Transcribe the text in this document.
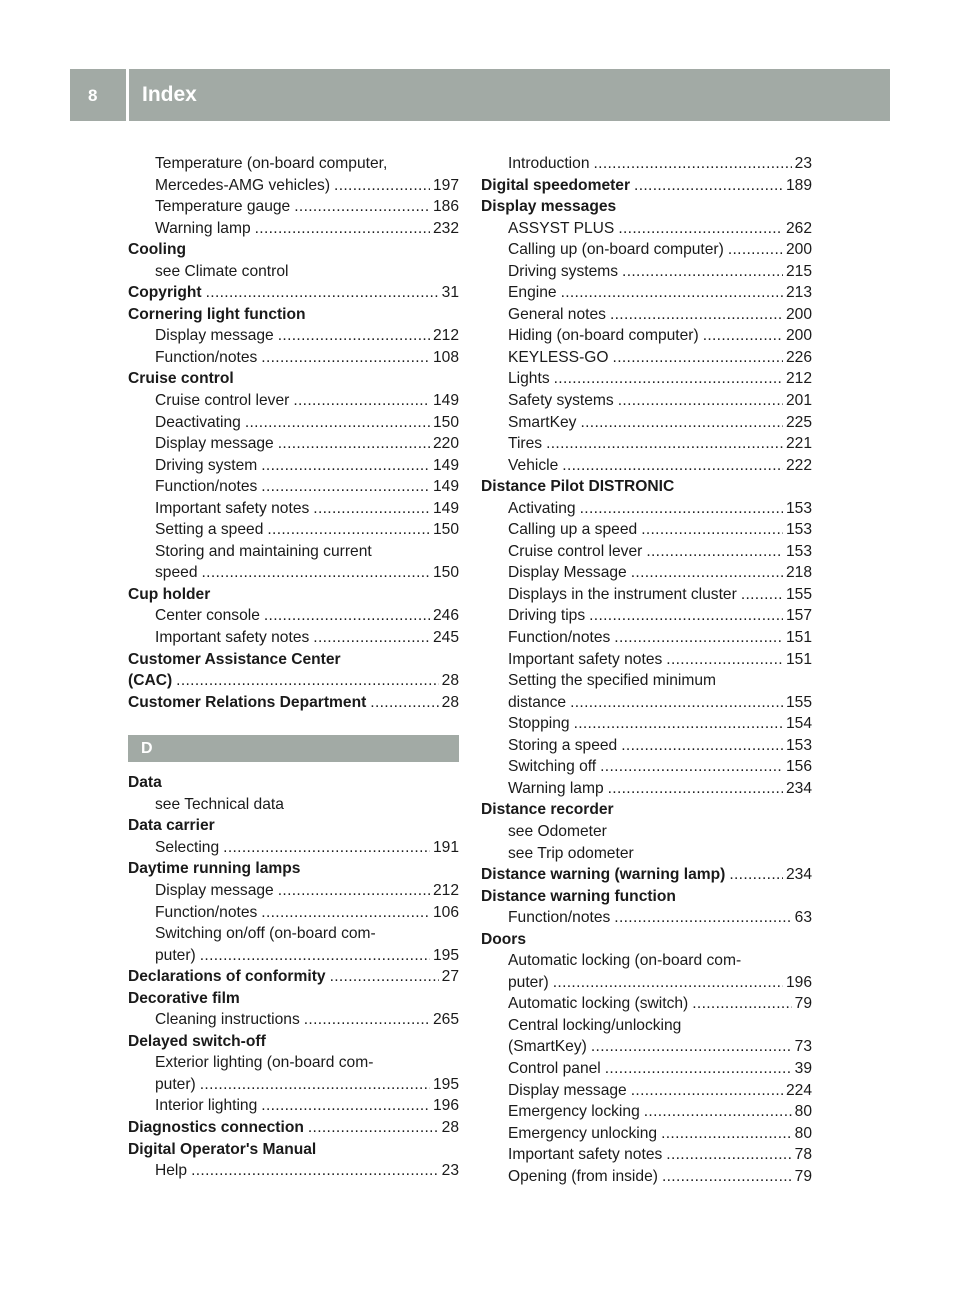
8 Index
Temperature (on-board computer,
Mercedes-AMG vehicles) . . .	197
Temperature gauge . . .	186
Warning lamp . . .	232
Cooling
see Climate control
Copyright . . .	31
Cornering light function
Display message . . .	212
Function/notes . . .	108
Cruise control
Cruise control lever . . .	149
Deactivating . . .	150
Display message . . .	220
Driving system . . .	149
Function/notes . . .	149
Important safety notes . . .	149
Setting a speed . . .	150
Storing and maintaining current
speed . . .	150
Cup holder
Center console . . .	246
Important safety notes . . .	245
Customer Assistance Center
(CAC) . . .	28
Customer Relations Department . . .	28
D
Data
see Technical data
Data carrier
Selecting . . .	191
Daytime running lamps
Display message . . .	212
Function/notes . . .	106
Switching on/off (on-board com-
puter) . . .	195
Declarations of conformity . . .	27
Decorative film
Cleaning instructions . . .	265
Delayed switch-off
Exterior lighting (on-board com-
puter) . . .	195
Interior lighting . . .	196
Diagnostics connection . . .	28
Digital Operator's Manual
Help . . .	23
Introduction . . .	23
Digital speedometer . . .	189
Display messages
ASSYST PLUS . . .	262
Calling up (on-board computer) . . .	200
Driving systems . . .	215
Engine . . .	213
General notes . . .	200
Hiding (on-board computer) . . .	200
KEYLESS-GO . . .	226
Lights . . .	212
Safety systems . . .	201
SmartKey . . .	225
Tires . . .	221
Vehicle . . .	222
Distance Pilot DISTRONIC
Activating . . .	153
Calling up a speed . . .	153
Cruise control lever . . .	153
Display Message . . .	218
Displays in the instrument cluster . . .	155
Driving tips . . .	157
Function/notes . . .	151
Important safety notes . . .	151
Setting the specified minimum
distance . . .	155
Stopping . . .	154
Storing a speed . . .	153
Switching off . . .	156
Warning lamp . . .	234
Distance recorder
see Odometer
see Trip odometer
Distance warning (warning lamp) . . .	234
Distance warning function
Function/notes . . .	63
Doors
Automatic locking (on-board com-
puter) . . .	196
Automatic locking (switch) . . .	79
Central locking/unlocking
(SmartKey) . . .	73
Control panel . . .	39
Display message . . .	224
Emergency locking . . .	80
Emergency unlocking . . .	80
Important safety notes . . .	78
Opening (from inside) . . .	79
